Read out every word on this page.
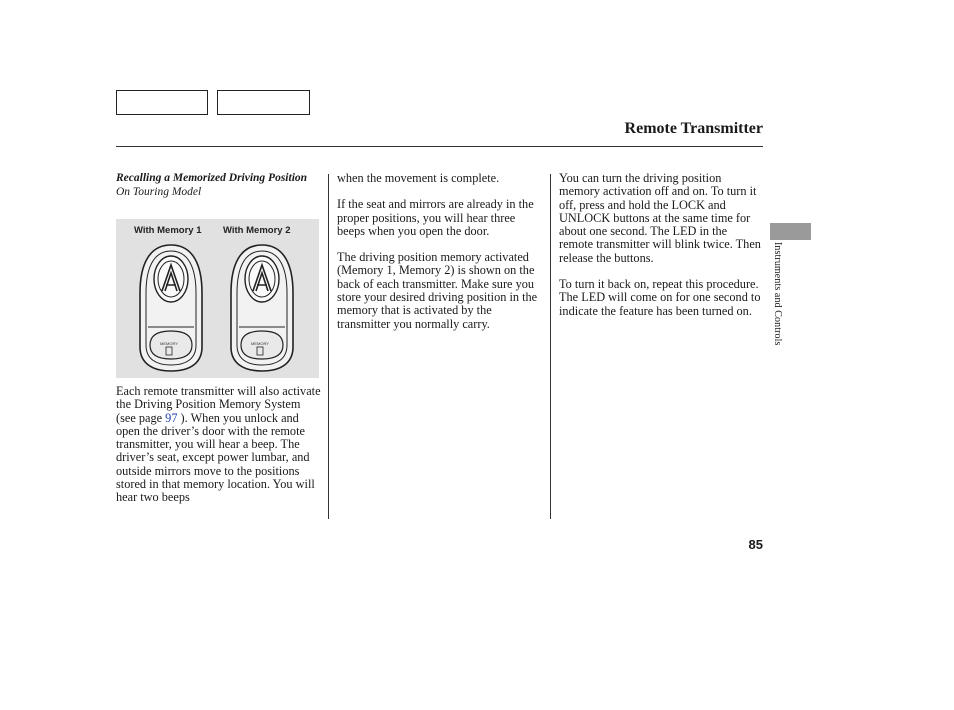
Remote Transmitter

Recalling a Memorized Driving Position

On Touring Model

With Memory 1 With Memory 2
MEMORY	MEMORY

Each remote transmitter will also activate the Driving Position Memory System (see page 97 ). When you unlock and open the driver’s door with the remote transmitter, you will hear a beep. The driver’s seat, except power lumbar, and outside mirrors move to the positions stored in that memory location. You will hear two beeps

when the movement is complete.

If the seat and mirrors are already in the proper positions, you will hear three beeps when you open the door.

The driving position memory activated (Memory 1, Memory 2) is shown on the back of each transmitter. Make sure you store your desired driving position in the memory that is activated by the transmitter you normally carry.

You can turn the driving position memory activation off and on. To turn it off, press and hold the LOCK and UNLOCK buttons at the same time for about one second. The LED in the remote transmitter will blink twice. Then release the buttons.

To turn it back on, repeat this procedure. The LED will come on for one second to indicate the feature has been turned on.	Instruments and Controls
85
